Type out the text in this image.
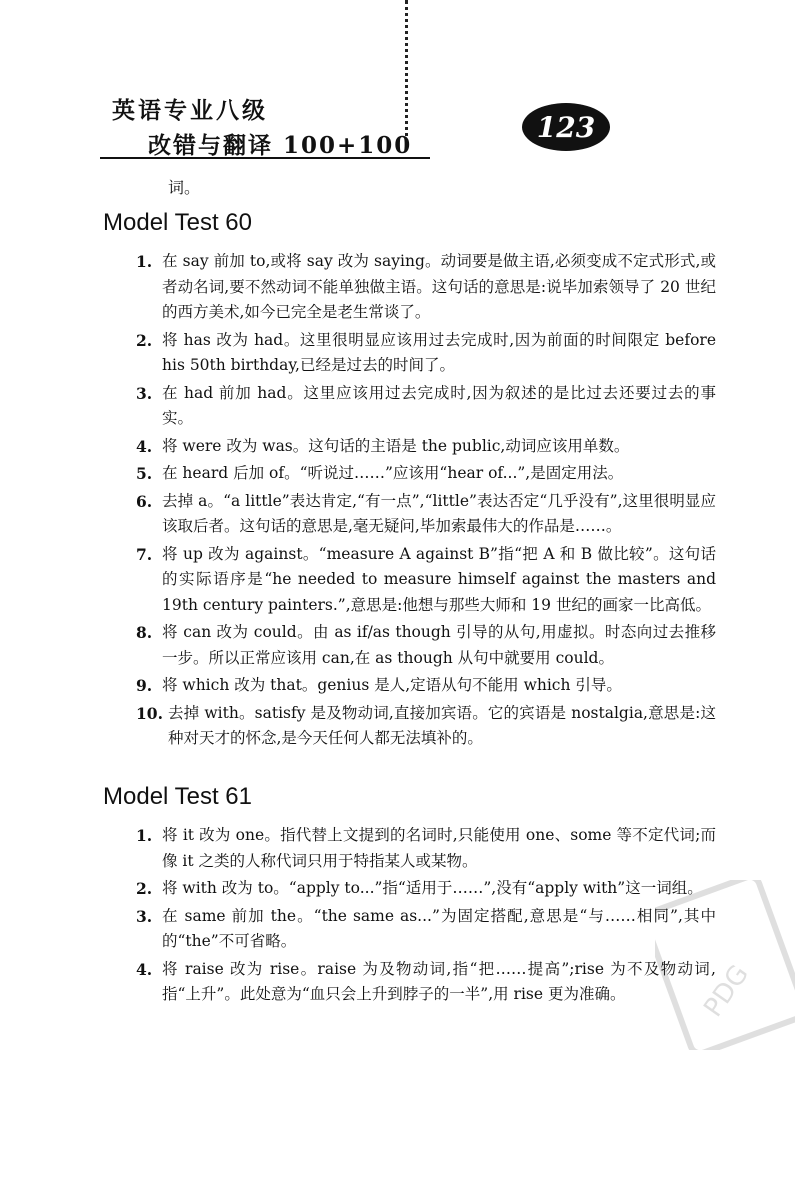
英语专业八级
改错与翻译 100+100
123
词。
Model Test 60
1. 在 say 前加 to,或将 say 改为 saying。动词要是做主语,必须变成不定式形式,或者动名词,要不然动词不能单独做主语。这句话的意思是:说毕加索领导了 20 世纪的西方美术,如今已完全是老生常谈了。
2. 将 has 改为 had。这里很明显应该用过去完成时,因为前面的时间限定 before his 50th birthday,已经是过去的时间了。
3. 在 had 前加 had。这里应该用过去完成时,因为叙述的是比过去还要过去的事实。
4. 将 were 改为 was。这句话的主语是 the public,动词应该用单数。
5. 在 heard 后加 of。“听说过……”应该用“hear of...”,是固定用法。
6. 去掉 a。“a little”表达肯定,“有一点”,“little”表达否定“几乎没有”,这里很明显应该取后者。这句话的意思是,毫无疑问,毕加索最伟大的作品是……。
7. 将 up 改为 against。“measure A against B”指“把 A 和 B 做比较”。这句话的实际语序是“he needed to measure himself against the masters and 19th century painters.”,意思是:他想与那些大师和 19 世纪的画家一比高低。
8. 将 can 改为 could。由 as if/as though 引导的从句,用虚拟。时态向过去推移一步。所以正常应该用 can,在 as though 从句中就要用 could。
9. 将 which 改为 that。genius 是人,定语从句不能用 which 引导。
10. 去掉 with。satisfy 是及物动词,直接加宾语。它的宾语是 nostalgia,意思是:这种对天才的怀念,是今天任何人都无法填补的。
Model Test 61
1. 将 it 改为 one。指代替上文提到的名词时,只能使用 one、some 等不定代词;而像 it 之类的人称代词只用于特指某人或某物。
2. 将 with 改为 to。“apply to...”指“适用于……”,没有“apply with”这一词组。
3. 在 same 前加 the。“the same as...”为固定搭配,意思是“与……相同”,其中的“the”不可省略。
4. 将 raise 改为 rise。raise 为及物动词,指“把……提高”;rise 为不及物动词,指“上升”。此处意为“血只会上升到脖子的一半”,用 rise 更为准确。	PDG
